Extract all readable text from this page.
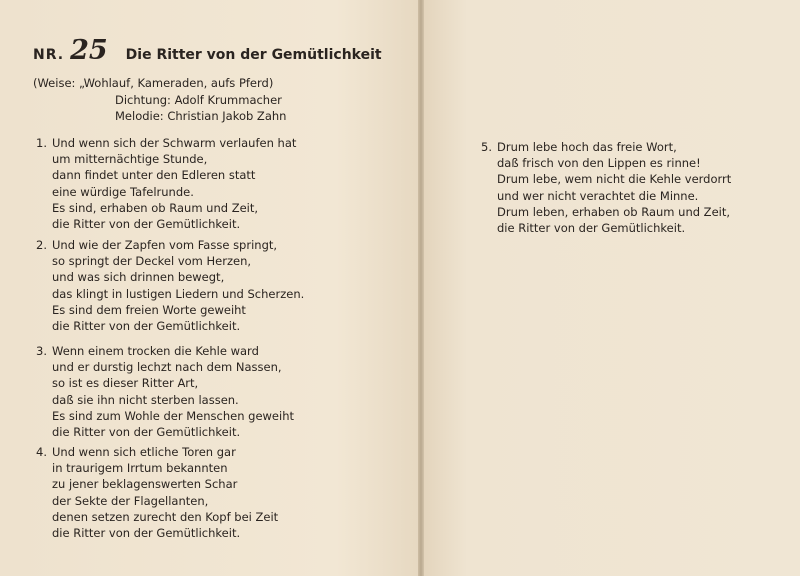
NR. 25 Die Ritter von der Gemütlichkeit
(Weise: „Wohlauf, Kameraden, aufs Pferd)
Dichtung: Adolf Krummacher
Melodie: Christian Jakob Zahn
1. Und wenn sich der Schwarm verlaufen hat
um mitternächtige Stunde,
dann findet unter den Edleren statt
eine würdige Tafelrunde.
Es sind, erhaben ob Raum und Zeit,
die Ritter von der Gemütlichkeit.
2. Und wie der Zapfen vom Fasse springt,
so springt der Deckel vom Herzen,
und was sich drinnen bewegt,
das klingt in lustigen Liedern und Scherzen.
Es sind dem freien Worte geweiht
die Ritter von der Gemütlichkeit.
3. Wenn einem trocken die Kehle ward
und er durstig lechzt nach dem Nassen,
so ist es dieser Ritter Art,
daß sie ihn nicht sterben lassen.
Es sind zum Wohle der Menschen geweiht
die Ritter von der Gemütlichkeit.
4. Und wenn sich etliche Toren gar
in traurigem Irrtum bekannten
zu jener beklagenswerten Schar
der Sekte der Flagellanten,
denen setzen zurecht den Kopf bei Zeit
die Ritter von der Gemütlichkeit.
5. Drum lebe hoch das freie Wort,
daß frisch von den Lippen es rinne!
Drum lebe, wem nicht die Kehle verdorrt
und wer nicht verachtet die Minne.
Drum leben, erhaben ob Raum und Zeit,
die Ritter von der Gemütlichkeit.
